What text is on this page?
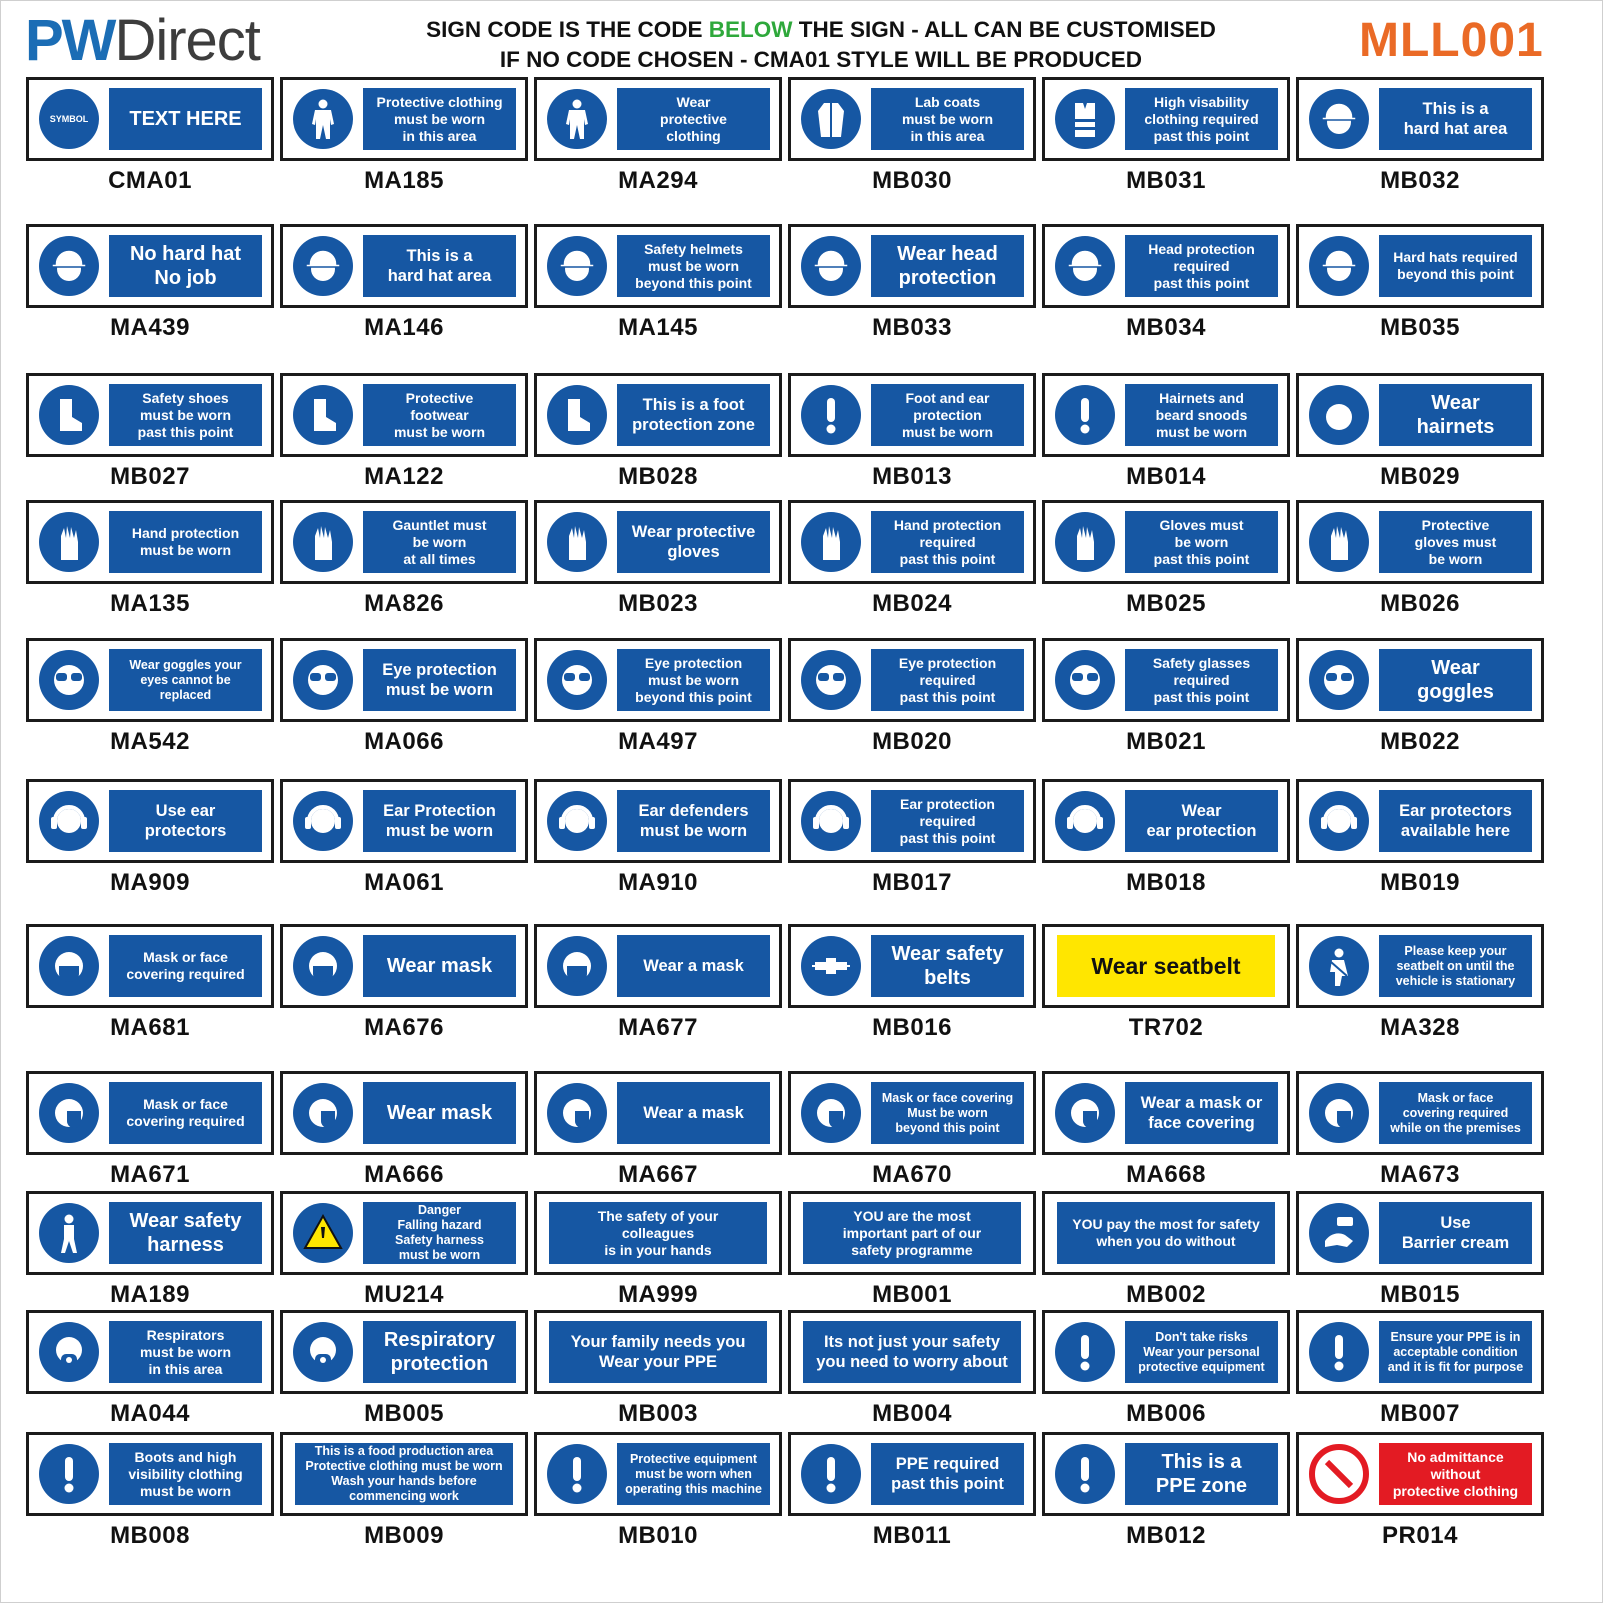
PW Direct	SIGN CODE IS THE CODE BELOW THE SIGN - ALL CAN BE CUSTOMISED
IF NO CODE CHOSEN - CMA01 STYLE WILL BE PRODUCED	MLL001
SYMBOL	TEXT HERE
CMA01
Protective clothing
must be worn
in this area
MA185
Wear
protective
clothing
MA294
Lab coats
must be worn
in this area
MB030
High visability
clothing required
past this point
MB031
This is a
hard hat area
MB032
No hard hat
No job
MA439
This is a
hard hat area
MA146
Safety helmets
must be worn
beyond this point
MA145
Wear head
protection
MB033
Head protection
required
past this point
MB034
Hard hats required
beyond this point
MB035
Safety shoes
must be worn
past this point
MB027
Protective
footwear
must be worn
MA122
This is a foot
protection zone
MB028
Foot and ear
protection
must be worn
MB013
Hairnets and
beard snoods
must be worn
MB014
Wear
hairnets
MB029
Hand protection
must be worn
MA135
Gauntlet must
be worn
at all times
MA826
Wear protective
gloves
MB023
Hand protection
required
past this point
MB024
Gloves must
be worn
past this point
MB025
Protective
gloves must
be worn
MB026
Wear goggles your
eyes cannot be
replaced
MA542
Eye protection
must be worn
MA066
Eye protection
must be worn
beyond this point
MA497
Eye protection
required
past this point
MB020
Safety glasses
required
past this point
MB021
Wear
goggles
MB022
Use ear
protectors
MA909
Ear Protection
must be worn
MA061
Ear defenders
must be worn
MA910
Ear protection
required
past this point
MB017
Wear
ear protection
MB018
Ear protectors
available here
MB019
Mask or face
covering required
MA681
Wear mask
MA676
Wear a mask
MA677
Wear safety
belts
MB016
Wear seatbelt
TR702
Please keep your
seatbelt on until the
vehicle is stationary
MA328
Mask or face
covering required
MA671
Wear mask
MA666
Wear a mask
MA667
Mask or face covering
Must be worn
beyond this point
MA670
Wear a mask or
face covering
MA668
Mask or face
covering required
while on the premises
MA673
Wear safety
harness
MA189
Danger
Falling hazard
Safety harness
must be worn
MU214
The safety of your
colleagues
is in your hands
MA999
YOU are the most
important part of our
safety programme
MB001
YOU pay the most for safety
when you do without
MB002
Use
Barrier cream
MB015
Respirators
must be worn
in this area
MA044
Respiratory
protection
MB005
Your family needs you
Wear your PPE
MB003
Its not just your safety
you need to worry about
MB004
Don't take risks
Wear your personal
protective equipment
MB006
Ensure your PPE is in
acceptable condition
and it is fit for purpose
MB007
Boots and high
visibility clothing
must be worn
MB008
This is a food production area
Protective clothing must be worn
Wash your hands before commencing work
MB009
Protective equipment
must be worn when
operating this machine
MB010
PPE required
past this point
MB011
This is a
PPE zone
MB012
No admittance
without
protective clothing
PR014
